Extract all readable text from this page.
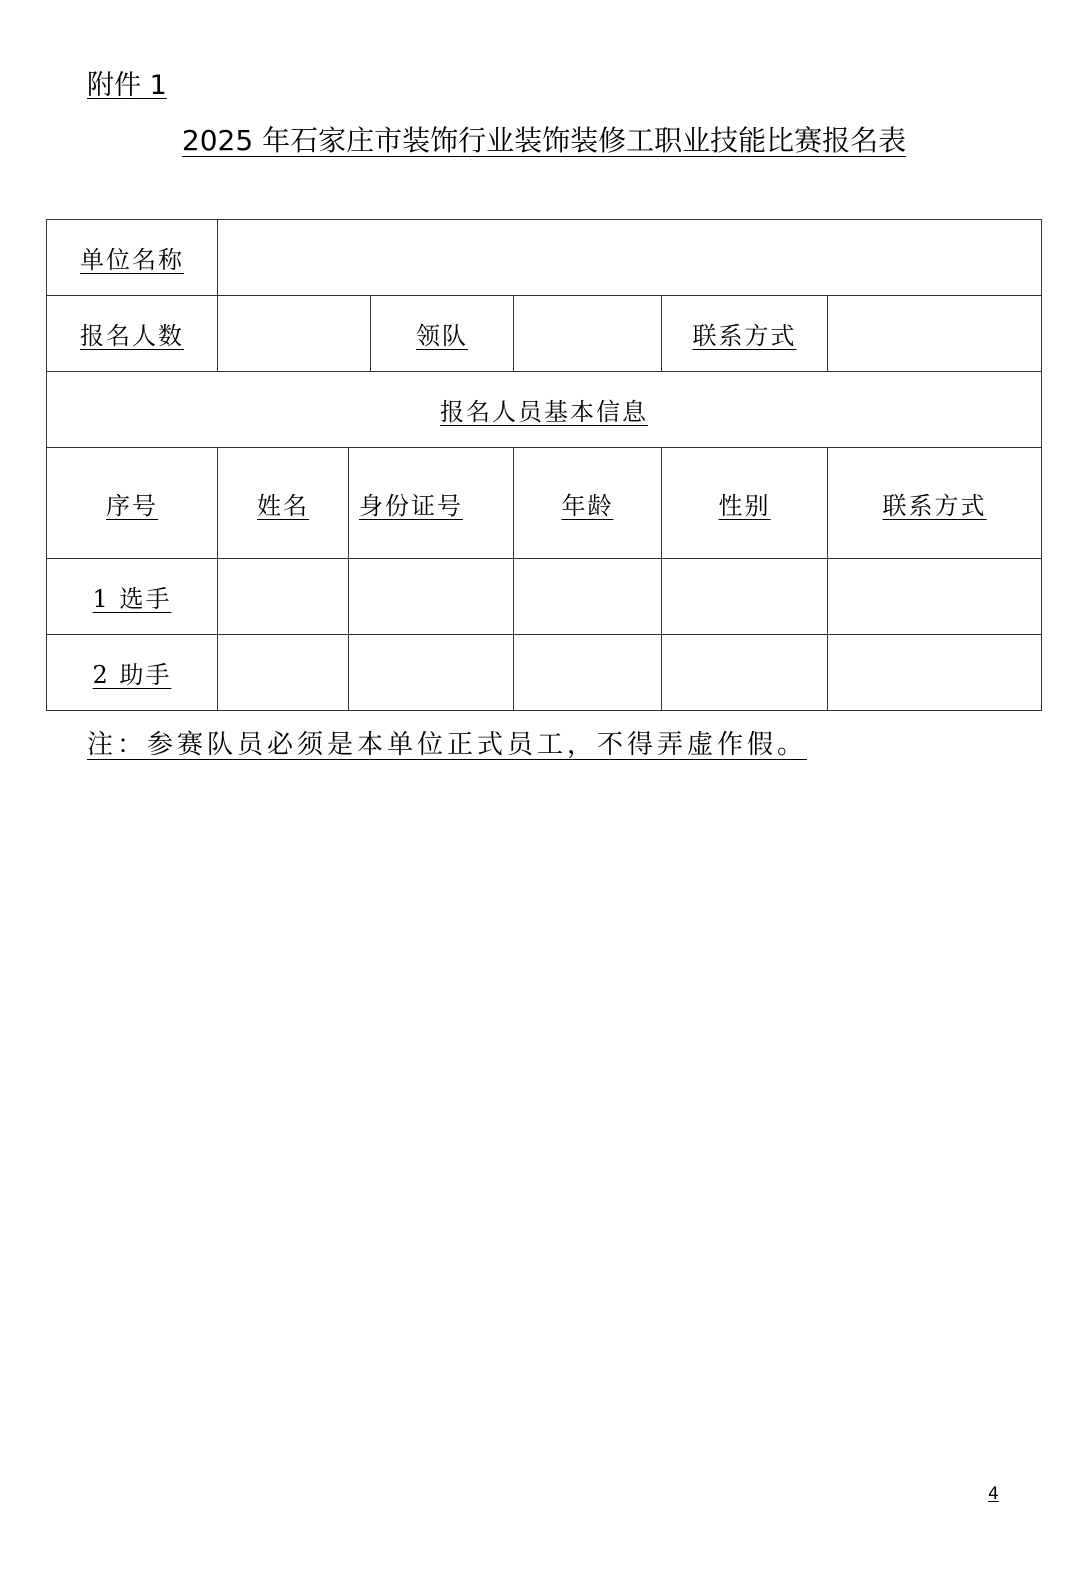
附件 1
2025 年石家庄市装饰行业装饰装修工职业技能比赛报名表
单位名称						
报名人数			领队		联系方式	
报名人员基本信息						
序号	姓名	身份证号		年龄	性别	联系方式
1 选手						
2 助手						
注：参赛队员必须是本单位正式员工，不得弄虚作假。
4
